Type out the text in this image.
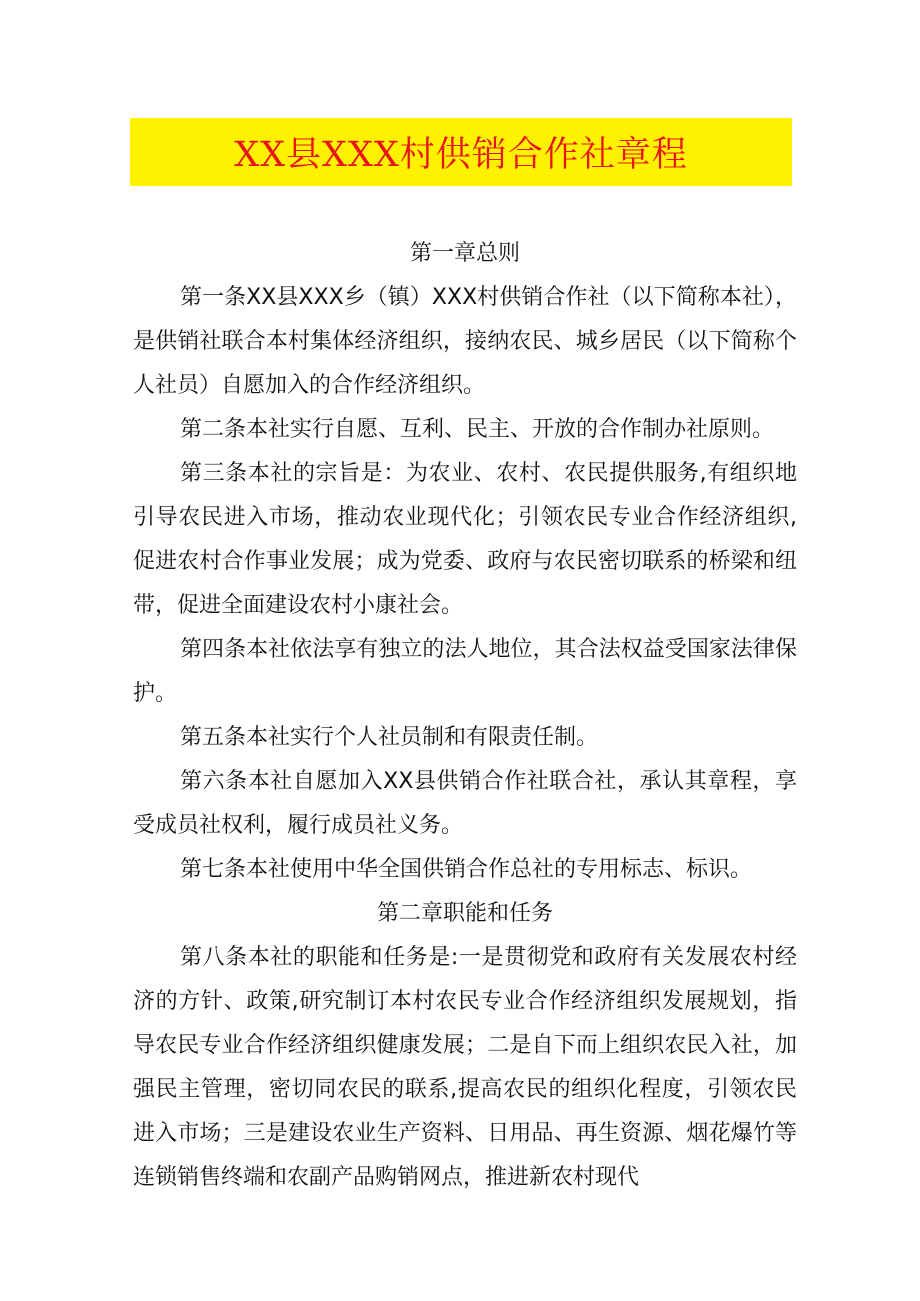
XX县XXX村供销合作社章程

第一章总则

第一条XX县XXX乡（镇）XXX村供销合作社（以下简称本社），是供销社联合本村集体经济组织，接纳农民、城乡居民（以下简称个人社员）自愿加入的合作经济组织。

第二条本社实行自愿、互利、民主、开放的合作制办社原则。

第三条本社的宗旨是：为农业、农村、农民提供服务,有组织地引导农民进入市场，推动农业现代化；引领农民专业合作经济组织,促进农村合作事业发展；成为党委、政府与农民密切联系的桥梁和纽带，促进全面建设农村小康社会。

第四条本社依法享有独立的法人地位，其合法权益受国家法律保护。

第五条本社实行个人社员制和有限责任制。

第六条本社自愿加入XX县供销合作社联合社，承认其章程，享受成员社权利，履行成员社义务。

第七条本社使用中华全国供销合作总社的专用标志、标识。

第二章职能和任务

第八条本社的职能和任务是:一是贯彻党和政府有关发展农村经济的方针、政策,研究制订本村农民专业合作经济组织发展规划，指导农民专业合作经济组织健康发展；二是自下而上组织农民入社，加强民主管理，密切同农民的联系,提高农民的组织化程度，引领农民进入市场；三是建设农业生产资料、日用品、再生资源、烟花爆竹等连锁销售终端和农副产品购销网点，推进新农村现代
